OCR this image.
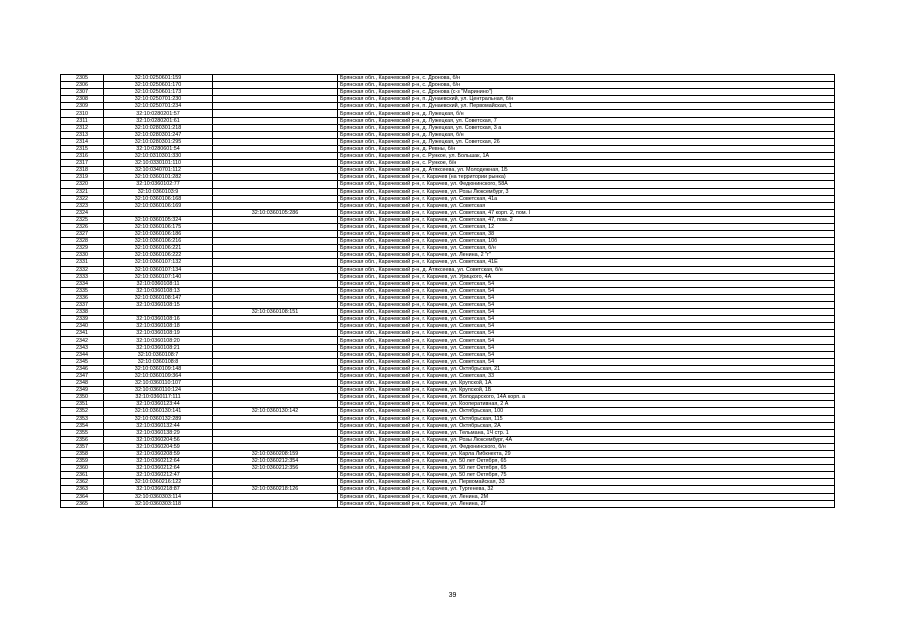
2305	32:10:0250601:159		Брянская обл., Карачевский р-н, с. Дронова, б/н
2306	32:10:0250601:170		Брянская обл., Карачевский р-н, с. Дронова, б/н
2307	32:10:0250601:173		Брянская обл., Карачевский р-н, с. Дронова (с-з "Маринино")
2308	32:10:0250701:230		Брянская обл., Карачевский р-н, п. Дунаевский, ул. Центральная, б/н
2309	32:10:0250701:234		Брянская обл., Карачевский р-н, п. Дунаевский, ул. Первомайская, 1
2310	32:10:0280201:57		Брянская обл., Карачевский р-н, д. Лужецкая, б/н
2311	32:10:0280201:61		Брянская обл., Карачевский р-н, д. Лужецкая, ул. Советская, 7
2312	32:10:0280301:218		Брянская обл., Карачевский р-н, д. Лужецкая, ул. Советская, 3 а
2313	32:10:0280301:247		Брянская обл., Карачевский р-н, д. Лужецкая, б/н
2314	32:10:0280301:295		Брянская обл., Карачевский р-н, д. Лужецкая, ул. Советская, 26
2315	32:10:0280601:54		Брянская обл., Карачевский р-н, д. Ревны, б/н
2316	32:10:0310301:330		Брянская обл., Карачевский р-н, с. Рункое, ул. Большак, 1А
2317	32:10:0330101:110		Брянская обл., Карачевский р-н, с. Рункое, б/н
2318	32:10:0340701:112		Брянская обл., Карачевский р-н, д. Атяксеева, ул. Молодежная, 1Б
2319	32:10:0360101:282		Брянская обл., Карачевский р-н, г. Карачев (на территории рынка)
2320	32:10:0360102:77		Брянская обл., Карачевский р-н, г. Карачев, ул. Федюнинского, 58А
2321	32:10:0360103:9		Брянская обл., Карачевский р-н, г. Карачев, ул. Розы Люксембург, 3
2322	32:10:0360106:168		Брянская обл., Карачевский р-н, г. Карачев, ул. Советская, 41а
2323	32:10:0360106:169		Брянская обл., Карачевский р-н, г. Карачев, ул. Советская
2324		32:10:0360105:286	Брянская обл., Карачевский р-н, г. Карачев, ул. Советская, 47 корп. 2, пом. I
2325	32:10:0360105:324		Брянская обл., Карачевский р-н, г. Карачев, ул. Советская, 47, пом. 2
2326	32:10:0360106:175		Брянская обл., Карачевский р-н, г. Карачев, ул. Советская, 12
2327	32:10:0360106:186		Брянская обл., Карачевский р-н, г. Карачев, ул. Советская, 38
2328	32:10:0360106:216		Брянская обл., Карачевский р-н, г. Карачев, ул. Советская, 10б
2329	32:10:0360106:221		Брянская обл., Карачевский р-н, г. Карачев, ул. Советская, б/н
2330	32:10:0360106:222		Брянская обл., Карачевский р-н, г. Карачев, ул. Ленина, 2 "г"
2331	32:10:0360107:132		Брянская обл., Карачевский р-н, г. Карачев, ул. Советская, 41Е
2332	32:10:0360107:134		Брянская обл., Карачевский р-н, д. Атяксеева, ул. Советская, б/н
2333	32:10:0360107:140		Брянская обл., Карачевский р-н, г. Карачев, ул. Урицкого, 4А
2334	32:10:0360108:11		Брянская обл., Карачевский р-н, г. Карачев, ул. Советская, 54
2335	32:10:0360108:13		Брянская обл., Карачевский р-н, г. Карачев, ул. Советская, 54
2336	32:10:0360108:147		Брянская обл., Карачевский р-н, г. Карачев, ул. Советская, 54
2337	32:10:0360108:15		Брянская обл., Карачевский р-н, г. Карачев, ул. Советская, 54
2338		32:10:0360108:151	Брянская обл., Карачевский р-н, г. Карачев, ул. Советская, 54
2339	32:10:0360108:16		Брянская обл., Карачевский р-н, г. Карачев, ул. Советская, 54
2340	32:10:0360108:18		Брянская обл., Карачевский р-н, г. Карачев, ул. Советская, 54
2341	32:10:0360108:19		Брянская обл., Карачевский р-н, г. Карачев, ул. Советская, 54
2342	32:10:0360108:20		Брянская обл., Карачевский р-н, г. Карачев, ул. Советская, 54
2343	32:10:0360108:21		Брянская обл., Карачевский р-н, г. Карачев, ул. Советская, 54
2344	32:10:0360108:7		Брянская обл., Карачевский р-н, г. Карачев, ул. Советская, 54
2345	32:10:0360108:8		Брянская обл., Карачевский р-н, г. Карачев, ул. Советская, 54
2346	32:10:0360109:148		Брянская обл., Карачевский р-н, г. Карачев, ул. Октябрьская, 21
2347	32:10:0360109:364		Брянская обл., Карачевский р-н, г. Карачев, ул. Советская, 33
2348	32:10:0360110:107		Брянская обл., Карачевский р-н, г. Карачев, ул. Крупской, 1А
2349	32:10:0360110:124		Брянская обл., Карачевский р-н, г. Карачев, ул. Крупской, 1Б
2350	32:10:0360117:111		Брянская обл., Карачевский р-н, г. Карачев, ул. Володарского, 14А корп. а
2351	32:10:0360123:44		Брянская обл., Карачевский р-н, г. Карачев, ул. Кооперативная, 2 А
2352	32:10:0360130:141	32:10:0360130:142	Брянская обл., Карачевский р-н, г. Карачев, ул. Октябрьская, 100
2353	32:10:0360132:289		Брянская обл., Карачевский р-н, г. Карачев, ул. Октябрьская, 115
2354	32:10:0360132:44		Брянская обл., Карачевский р-н, г. Карачев, ул. Октябрьская, 2А
2355	32:10:0360138:29		Брянская обл., Карачевский р-н, г. Карачев, ул. Тельмана, 1Ч стр. 1
2356	32:10:0360204:56		Брянская обл., Карачевский р-н, г. Карачев, ул. Розы Люксембург, 4А
2357	32:10:0360204:59		Брянская обл., Карачевский р-н, г. Карачев, ул. Федюнинского, б/н
2358	32:10:0360208:59	32:10:0360208:159	Брянская обл., Карачевский р-н, г. Карачев, ул. Карла Либкнехта, 29
2359	32:10:0360212:64	32:10:0360212:354	Брянская обл., Карачевский р-н, г. Карачев, ул. 50 лет Октября, 65
2360	32:10:0360212:64	32:10:0360212:356	Брянская обл., Карачевский р-н, г. Карачев, ул. 50 лет Октября, 65
2361	32:10:0360212:47		Брянская обл., Карачевский р-н, г. Карачев, ул. 50 лет Октября, 75
2362	32:10:0360216:122		Брянская обл., Карачевский р-н, г. Карачев, ул. Первомайская, 33
2363	32:10:0360218:87	32:10:0360218:126	Брянская обл., Карачевский р-н, г. Карачев, ул. Тургенева, 32
2364	32:10:0360303:114		Брянская обл., Карачевский р-н, г. Карачев, ул. Ленина, 2М
2365	32:10:0360303:118		Брянская обл., Карачевский р-н, г. Карачев, ул. Ленина, 2Г
39
